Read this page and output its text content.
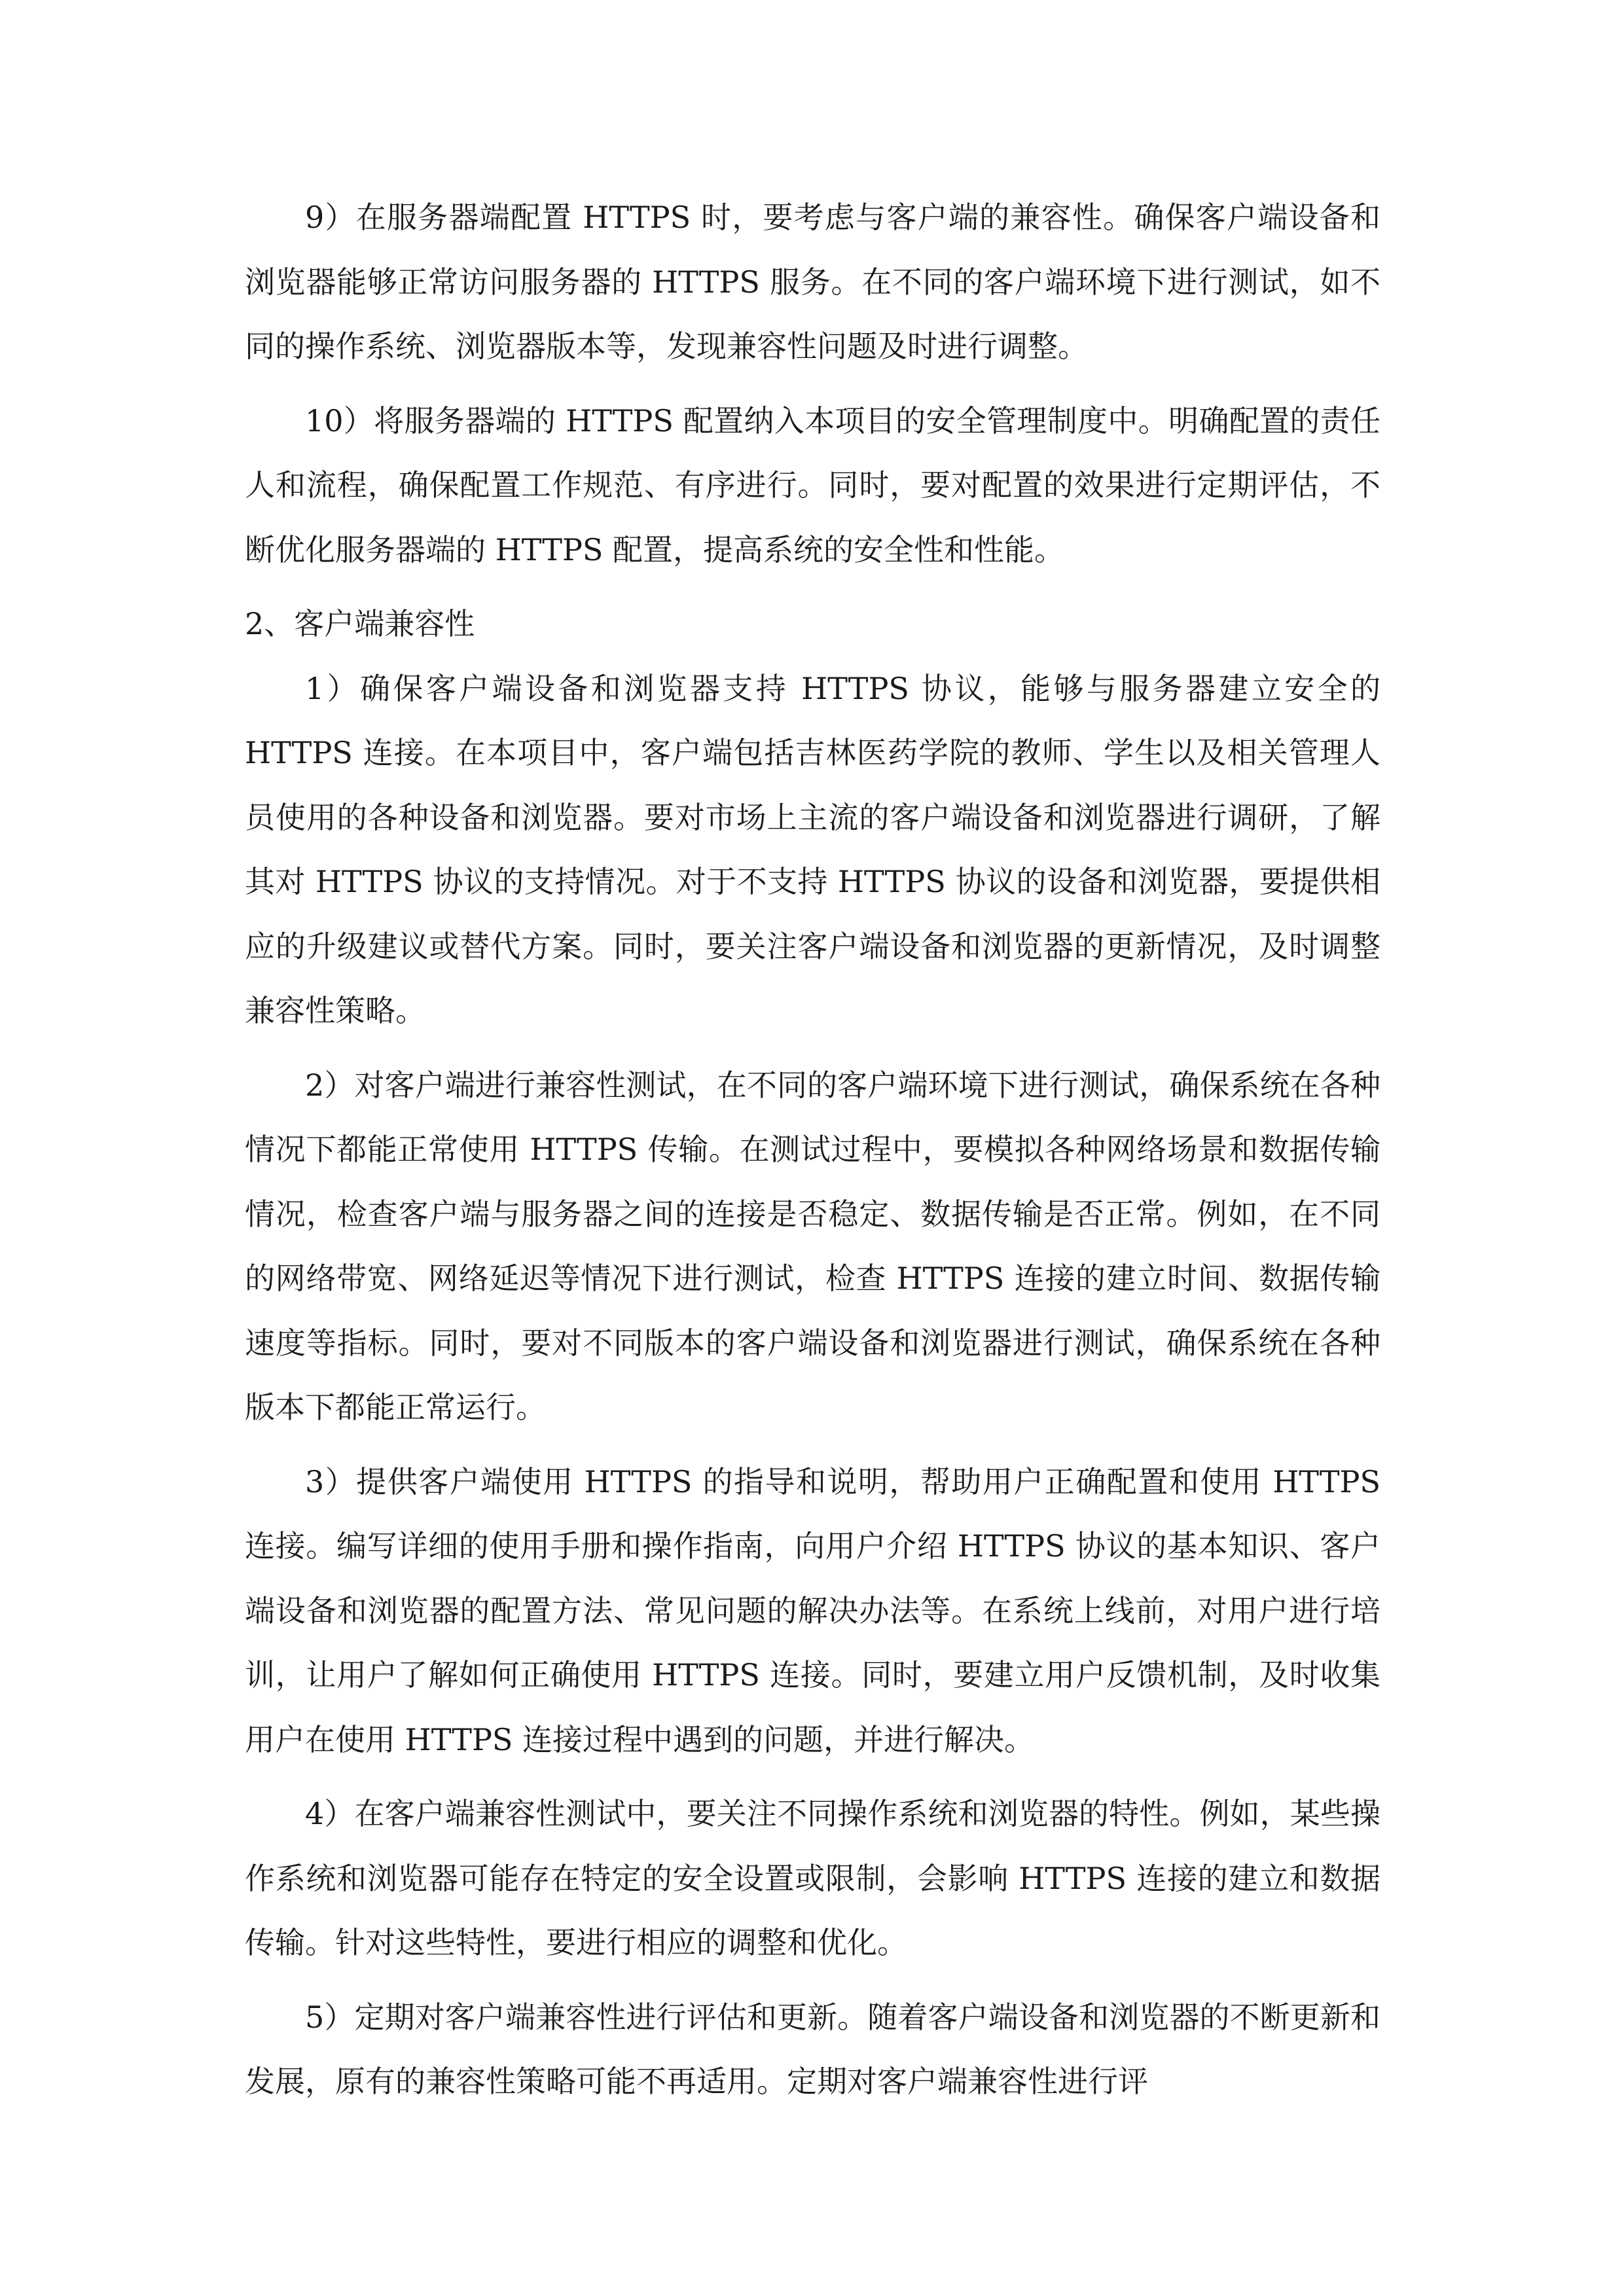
9）在服务器端配置 HTTPS 时，要考虑与客户端的兼容性。确保客户端设备和浏览器能够正常访问服务器的 HTTPS 服务。在不同的客户端环境下进行测试，如不同的操作系统、浏览器版本等，发现兼容性问题及时进行调整。

10）将服务器端的 HTTPS 配置纳入本项目的安全管理制度中。明确配置的责任人和流程，确保配置工作规范、有序进行。同时，要对配置的效果进行定期评估，不断优化服务器端的 HTTPS 配置，提高系统的安全性和性能。

2、客户端兼容性

1）确保客户端设备和浏览器支持 HTTPS 协议，能够与服务器建立安全的 HTTPS 连接。在本项目中，客户端包括吉林医药学院的教师、学生以及相关管理人员使用的各种设备和浏览器。要对市场上主流的客户端设备和浏览器进行调研，了解其对 HTTPS 协议的支持情况。对于不支持 HTTPS 协议的设备和浏览器，要提供相应的升级建议或替代方案。同时，要关注客户端设备和浏览器的更新情况，及时调整兼容性策略。

2）对客户端进行兼容性测试，在不同的客户端环境下进行测试，确保系统在各种情况下都能正常使用 HTTPS 传输。在测试过程中，要模拟各种网络场景和数据传输情况，检查客户端与服务器之间的连接是否稳定、数据传输是否正常。例如，在不同的网络带宽、网络延迟等情况下进行测试，检查 HTTPS 连接的建立时间、数据传输速度等指标。同时，要对不同版本的客户端设备和浏览器进行测试，确保系统在各种版本下都能正常运行。

3）提供客户端使用 HTTPS 的指导和说明，帮助用户正确配置和使用 HTTPS 连接。编写详细的使用手册和操作指南，向用户介绍 HTTPS 协议的基本知识、客户端设备和浏览器的配置方法、常见问题的解决办法等。在系统上线前，对用户进行培训，让用户了解如何正确使用 HTTPS 连接。同时，要建立用户反馈机制，及时收集用户在使用 HTTPS 连接过程中遇到的问题，并进行解决。

4）在客户端兼容性测试中，要关注不同操作系统和浏览器的特性。例如，某些操作系统和浏览器可能存在特定的安全设置或限制，会影响 HTTPS 连接的建立和数据传输。针对这些特性，要进行相应的调整和优化。

5）定期对客户端兼容性进行评估和更新。随着客户端设备和浏览器的不断更新和发展，原有的兼容性策略可能不再适用。定期对客户端兼容性进行评
